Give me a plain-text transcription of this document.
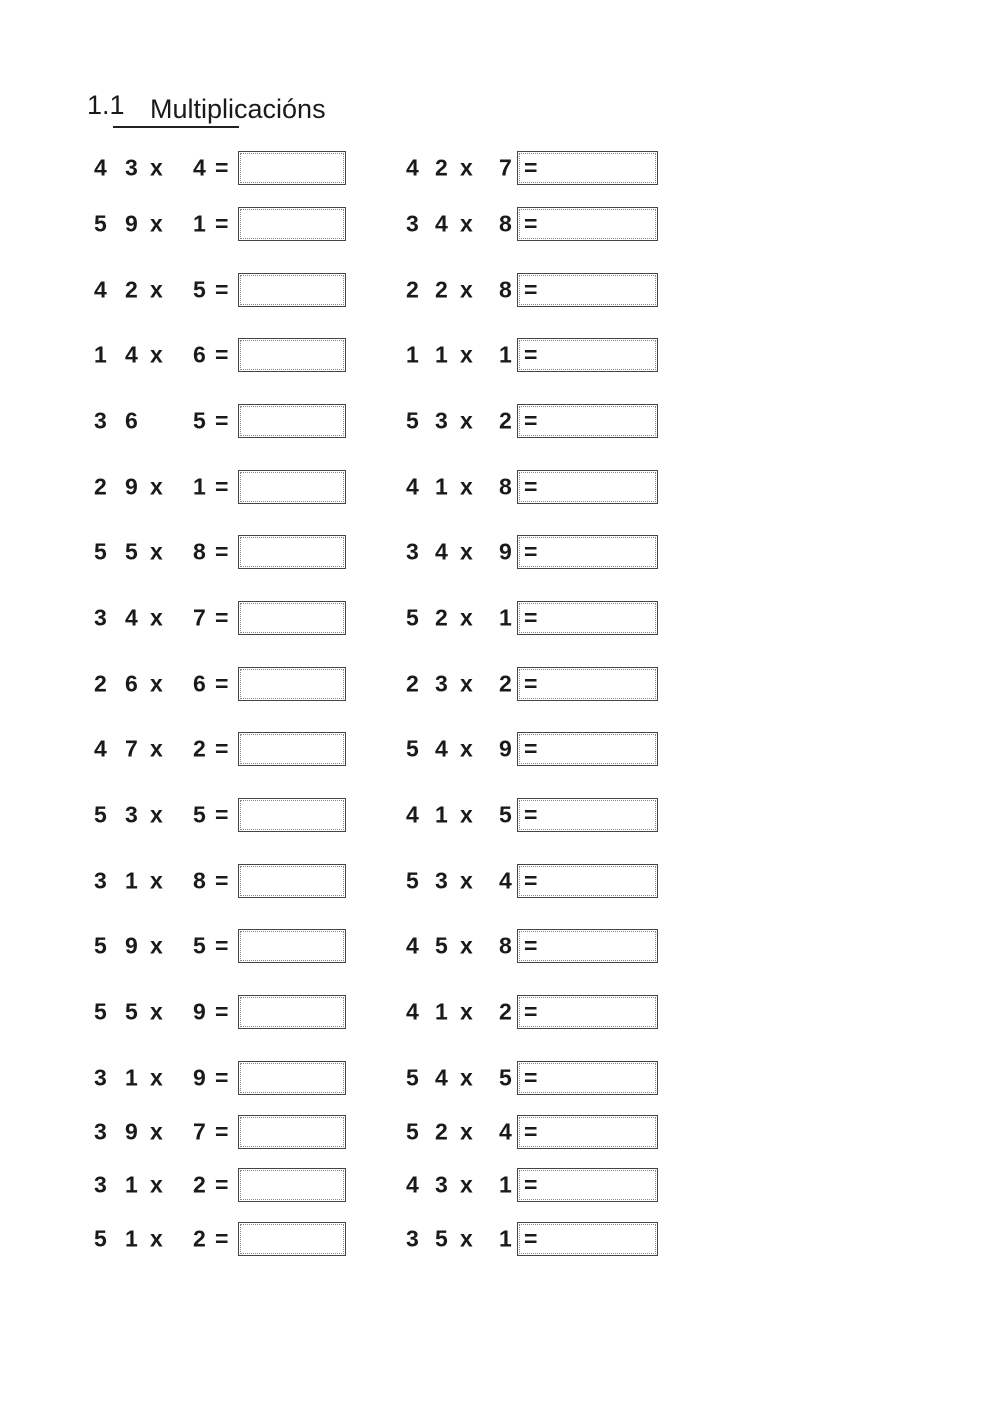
1.1 Multiplicacións
4 3 x 4 =	4 2 x 7 =
5 9 x 1 =	3 4 x 8 =
4 2 x 5 =	2 2 x 8 =
1 4 x 6 =	1 1 x 1 =
3 6 5 =	5 3 x 2 =
2 9 x 1 =	4 1 x 8 =
5 5 x 8 =	3 4 x 9 =
3 4 x 7 =	5 2 x 1 =
2 6 x 6 =	2 3 x 2 =
4 7 x 2 =	5 4 x 9 =
5 3 x 5 =	4 1 x 5 =
3 1 x 8 =	5 3 x 4 =
5 9 x 5 =	4 5 x 8 =
5 5 x 9 =	4 1 x 2 =
3 1 x 9 =	5 4 x 5 =
3 9 x 7 =	5 2 x 4 =
3 1 x 2 =	4 3 x 1 =
5 1 x 2 =	3 5 x 1 =
